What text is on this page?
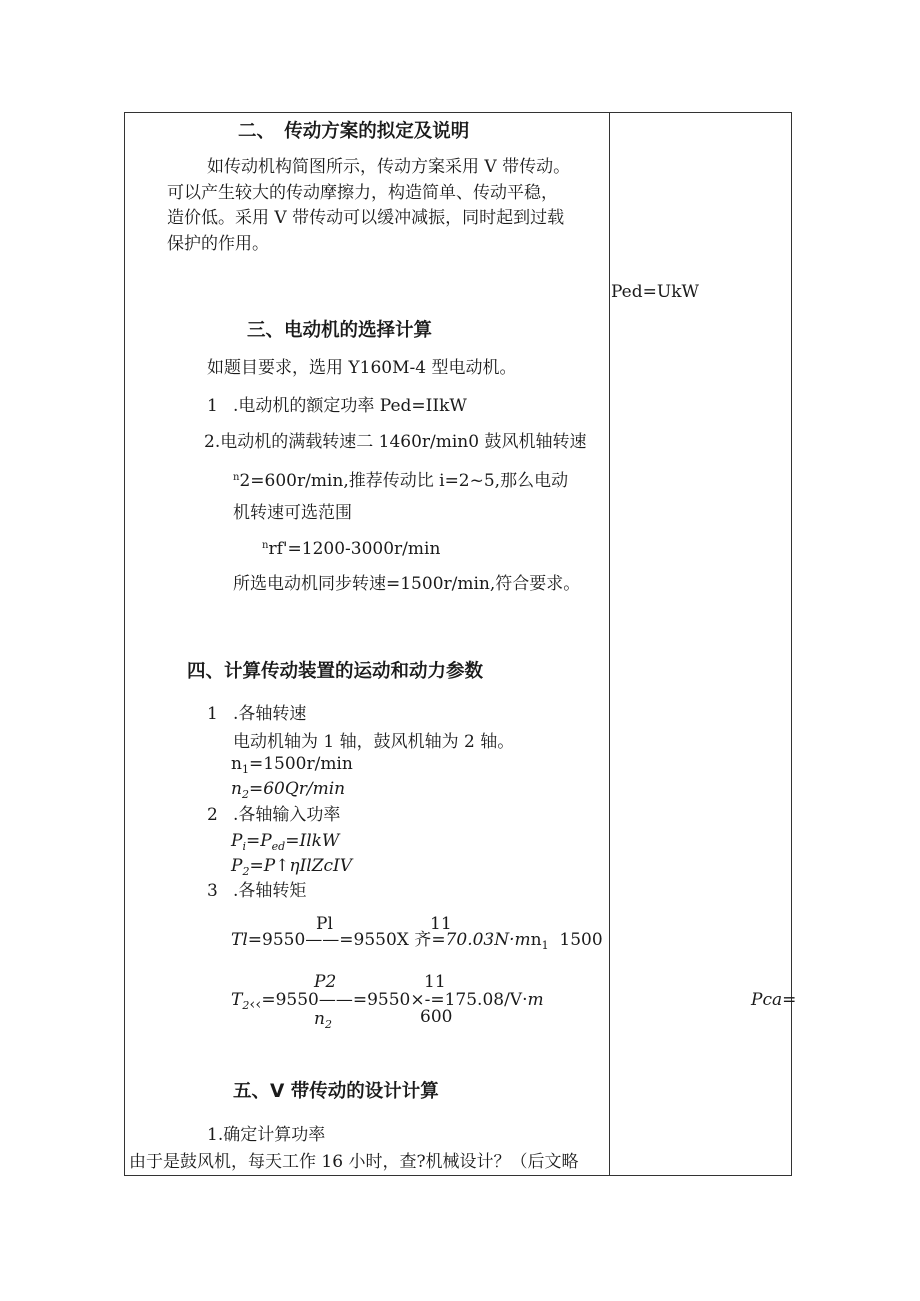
二、　传动方案的拟定及说明
如传动机构简图所示，传动方案采用 V 带传动。
可以产生较大的传动摩擦力，构造简单、传动平稳，
造价低。采用 V 带传动可以缓冲减振，同时起到过载
保护的作用。
Ped=UkW
三、电动机的选择计算
如题目要求，选用 Y160M-4 型电动机。
1 .电动机的额定功率 Ped=IIkW
2.电动机的满载转速二 1460r∕min0 鼓风机轴转速
$^n$2=600r∕min,推荐传动比 i=2~5,那么电动
机转速可选范围
$^n$rf'=1200-3000r∕min
所选电动机同步转速=1500r∕min,符合要求。
四、计算传动装置的运动和动力参数
1 .各轴转速
电动机轴为 1 轴，鼓风机轴为 2 轴。
$n_1=1500r∕\min$
$n_2=60Qr∕\min$
2 .各轴输入功率
$P_i=P_{ed}=IlkW$
$P_2=P↑\eta IlZcIV$
3 .各轴转矩
Pl	11
Tl=9550——=9550X 齐$=70.03N\cdot mn_1$ 1500
P2	11
$T_{2‹‹}=9550——=9550\times-=175.08/V\cdot m$
$n_2$	600
Pca=
五、V 带传动的设计计算
1.确定计算功率
由于是鼓风机，每天工作 16 小时，查?机械设计？（后文略
